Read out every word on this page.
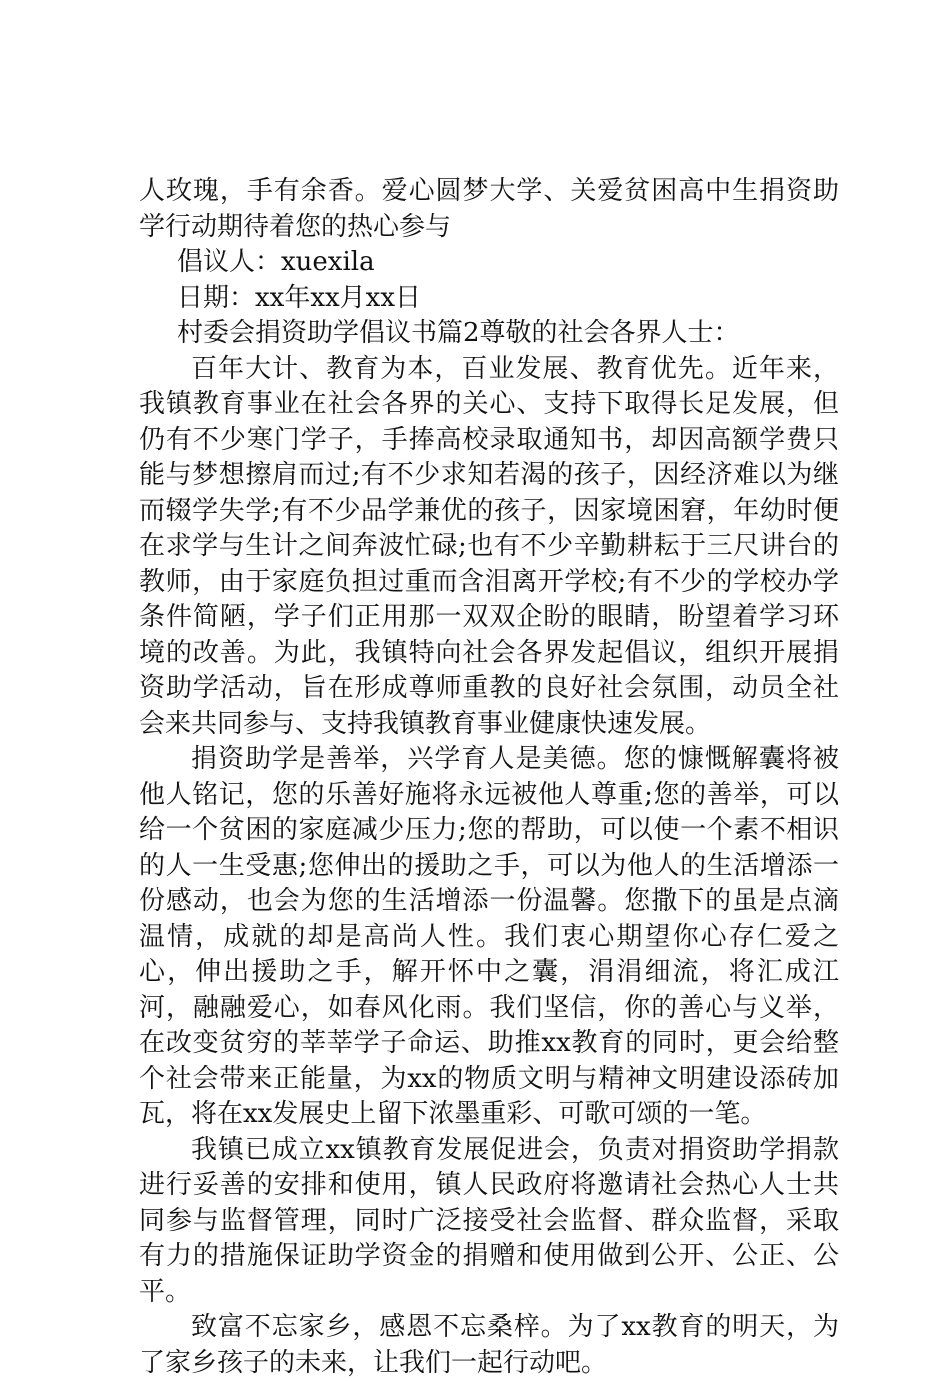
人玫瑰，手有余香。爱心圆梦大学、关爱贫困高中生捐资助学行动期待着您的热心参与

倡议人：xuexila

日期：xx年xx月xx日

村委会捐资助学倡议书篇2尊敬的社会各界人士：

百年大计、教育为本，百业发展、教育优先。近年来，我镇教育事业在社会各界的关心、支持下取得长足发展，但仍有不少寒门学子，手捧高校录取通知书，却因高额学费只能与梦想擦肩而过;有不少求知若渴的孩子，因经济难以为继而辍学失学;有不少品学兼优的孩子，因家境困窘，年幼时便在求学与生计之间奔波忙碌;也有不少辛勤耕耘于三尺讲台的教师，由于家庭负担过重而含泪离开学校;有不少的学校办学条件简陋，学子们正用那一双双企盼的眼睛，盼望着学习环境的改善。为此，我镇特向社会各界发起倡议，组织开展捐资助学活动，旨在形成尊师重教的良好社会氛围，动员全社会来共同参与、支持我镇教育事业健康快速发展。

捐资助学是善举，兴学育人是美德。您的慷慨解囊将被他人铭记，您的乐善好施将永远被他人尊重;您的善举，可以给一个贫困的家庭减少压力;您的帮助，可以使一个素不相识的人一生受惠;您伸出的援助之手，可以为他人的生活增添一份感动，也会为您的生活增添一份温馨。您撒下的虽是点滴温情，成就的却是高尚人性。我们衷心期望你心存仁爱之心，伸出援助之手，解开怀中之囊，涓涓细流，将汇成江河，融融爱心，如春风化雨。我们坚信，你的善心与义举，在改变贫穷的莘莘学子命运、助推xx教育的同时，更会给整个社会带来正能量，为xx的物质文明与精神文明建设添砖加瓦，将在xx发展史上留下浓墨重彩、可歌可颂的一笔。

我镇已成立xx镇教育发展促进会，负责对捐资助学捐款进行妥善的安排和使用，镇人民政府将邀请社会热心人士共同参与监督管理，同时广泛接受社会监督、群众监督，采取有力的措施保证助学资金的捐赠和使用做到公开、公正、公平。

致富不忘家乡，感恩不忘桑梓。为了xx教育的明天，为了家乡孩子的未来，让我们一起行动吧。
